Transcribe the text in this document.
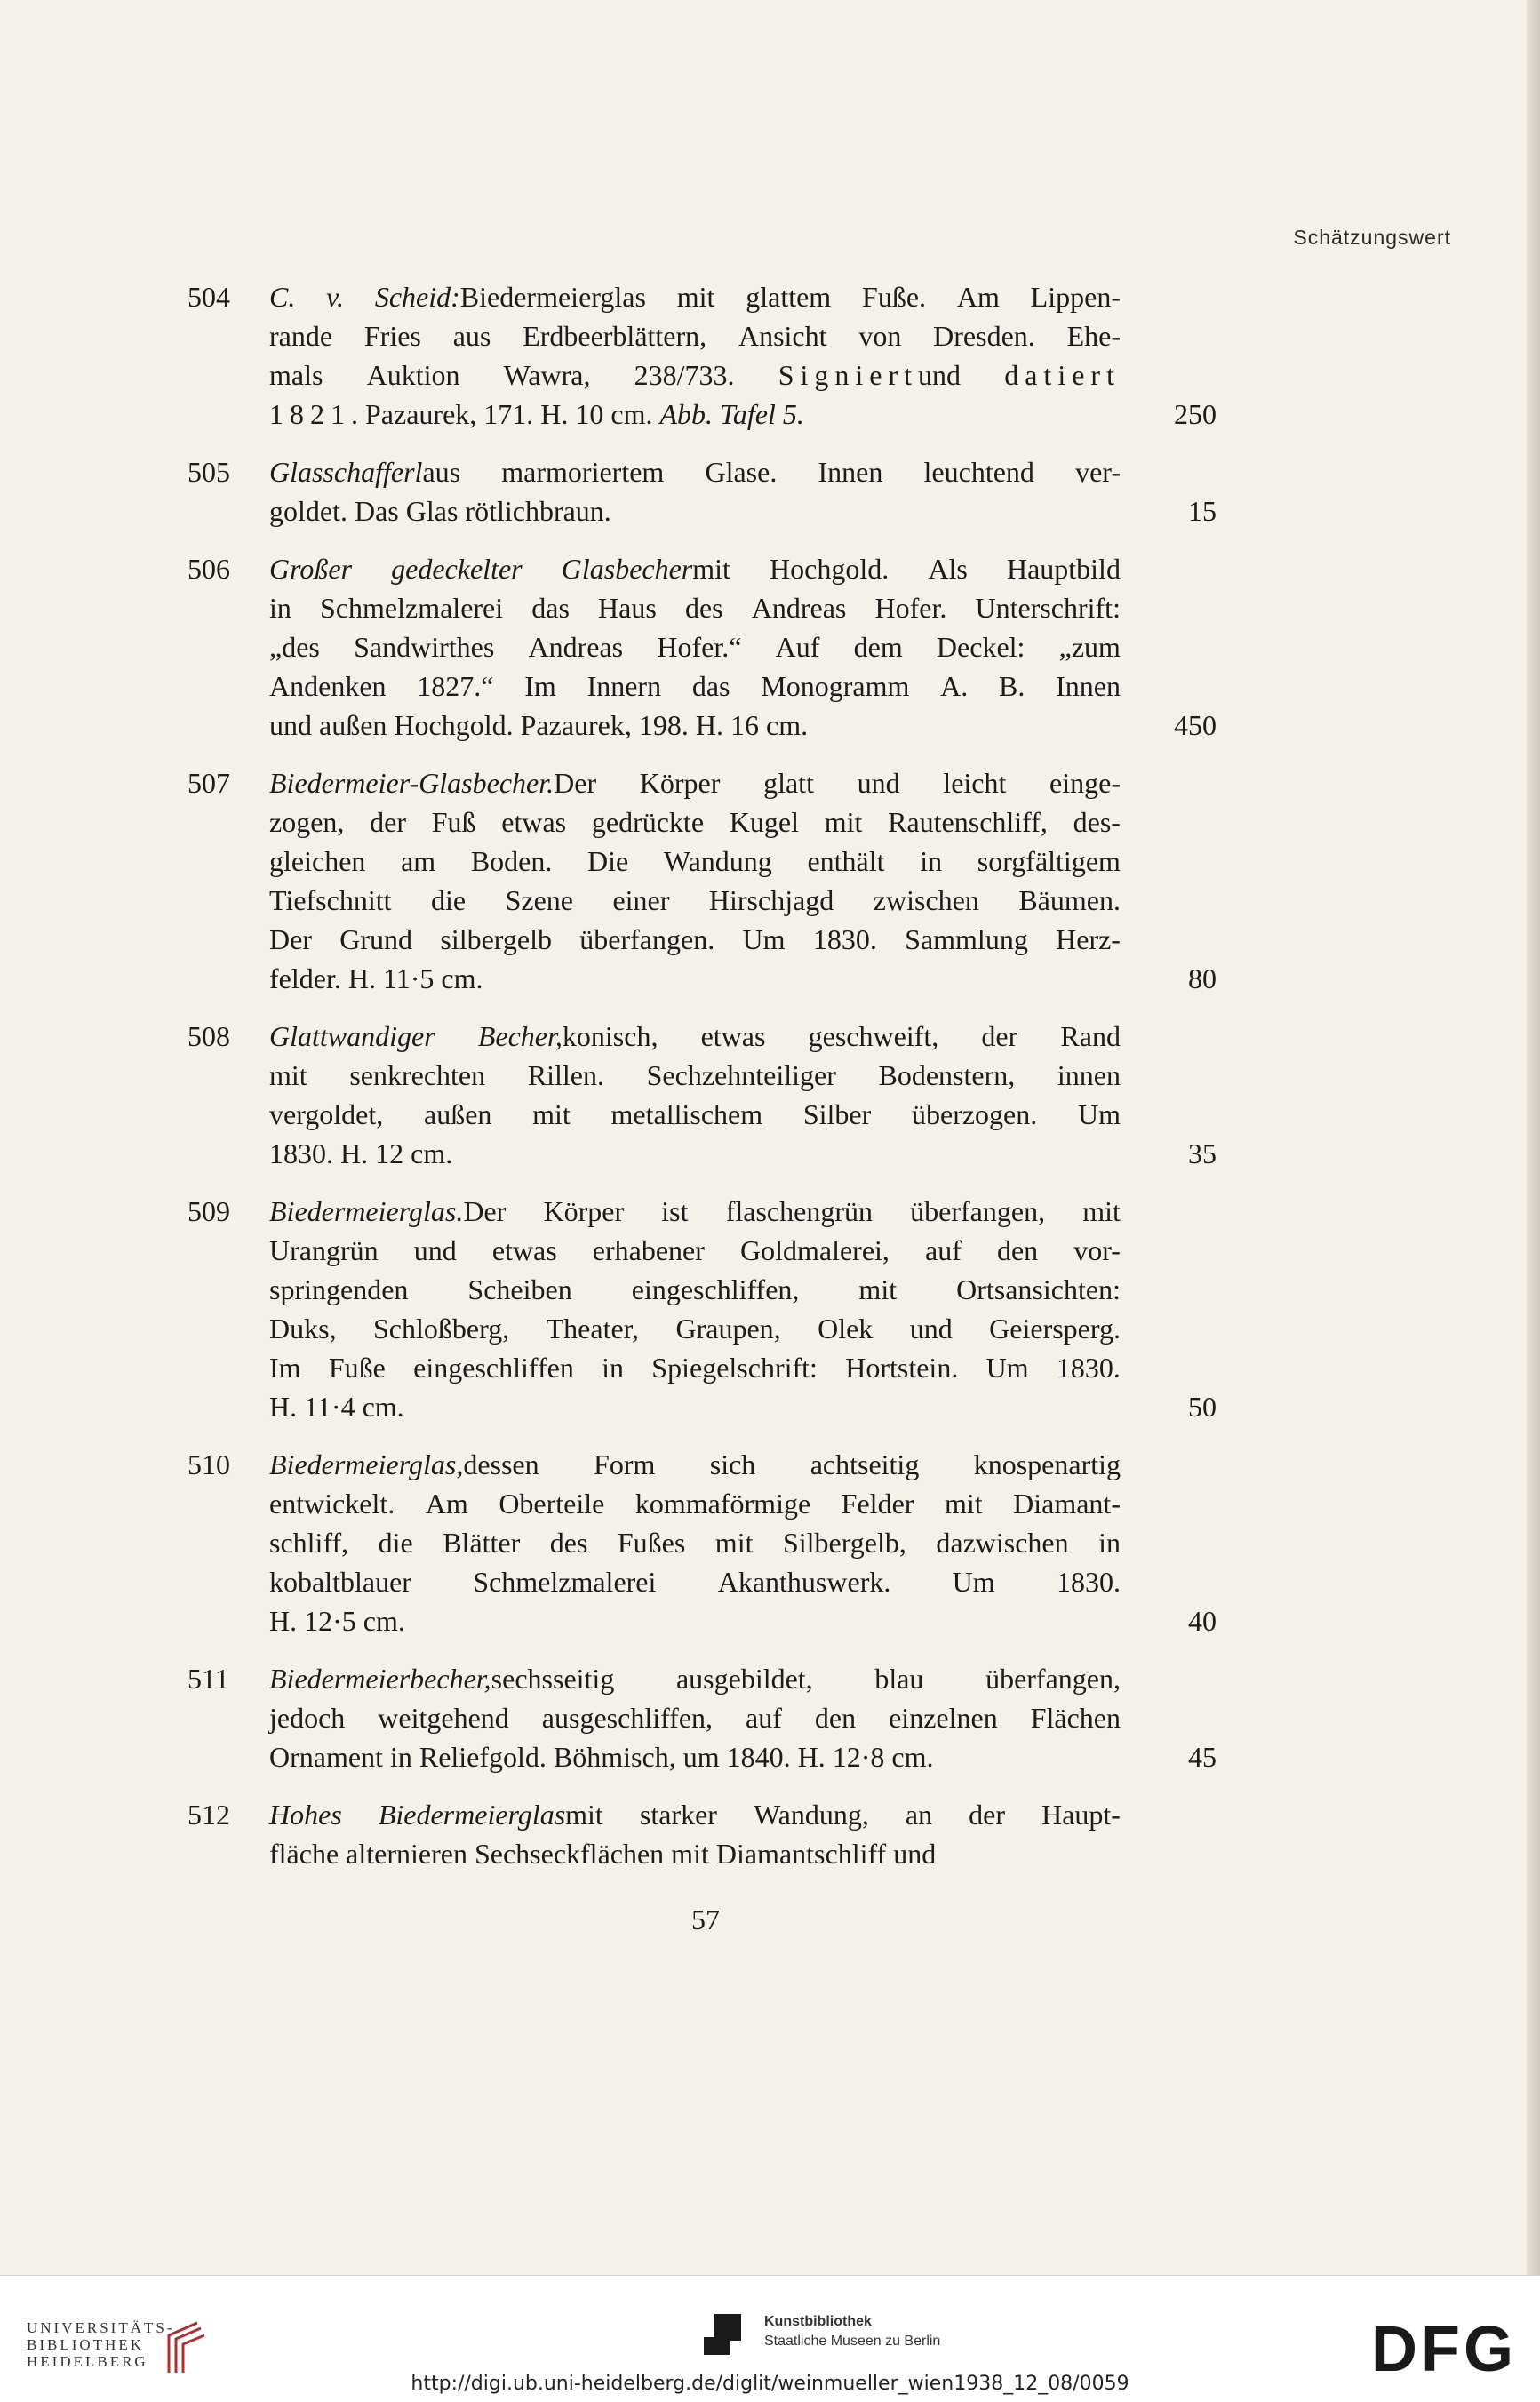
Schätzungswert
504 C. v. Scheid:Biedermeierglas mit glattem Fuße. Am Lippen-
rande Fries aus Erdbeerblättern, Ansicht von Dresden. Ehe-
mals Auktion Wawra, 238/733. Signiertund datiert
1821. Pazaurek, 171. H. 10 cm. Abb. Tafel 5.	250
505 Glasschafferlaus marmoriertem Glase. Innen leuchtend ver-
goldet. Das Glas rötlichbraun.	15
506 Großer gedeckelter Glasbechermit Hochgold. Als Hauptbild
in Schmelzmalerei das Haus des Andreas Hofer. Unterschrift:
„des Sandwirthes Andreas Hofer.“ Auf dem Deckel: „zum
Andenken 1827.“ Im Innern das Monogramm A. B. Innen
und außen Hochgold. Pazaurek, 198. H. 16 cm.	450
507 Biedermeier-Glasbecher.Der Körper glatt und leicht einge-
zogen, der Fuß etwas gedrückte Kugel mit Rautenschliff, des-
gleichen am Boden. Die Wandung enthält in sorgfältigem
Tiefschnitt die Szene einer Hirschjagd zwischen Bäumen.
Der Grund silbergelb überfangen. Um 1830. Sammlung Herz-
felder. H. 11·5 cm.	80
508 Glattwandiger Becher,konisch, etwas geschweift, der Rand
mit senkrechten Rillen. Sechzehnteiliger Bodenstern, innen
vergoldet, außen mit metallischem Silber überzogen. Um
1830. H. 12 cm.	35
509 Biedermeierglas.Der Körper ist flaschengrün überfangen, mit
Urangrün und etwas erhabener Goldmalerei, auf den vor-
springenden Scheiben eingeschliffen, mit Ortsansichten:
Duks, Schloßberg, Theater, Graupen, Olek und Geiersperg.
Im Fuße eingeschliffen in Spiegelschrift: Hortstein. Um 1830.
H. 11·4 cm.	50
510 Biedermeierglas,dessen Form sich achtseitig knospenartig
entwickelt. Am Oberteile kommaförmige Felder mit Diamant-
schliff, die Blätter des Fußes mit Silbergelb, dazwischen in
kobaltblauer Schmelzmalerei Akanthuswerk. Um 1830.
H. 12·5 cm.	40
511 Biedermeierbecher,sechsseitig ausgebildet, blau überfangen,
jedoch weitgehend ausgeschliffen, auf den einzelnen Flächen
Ornament in Reliefgold. Böhmisch, um 1840. H. 12·8 cm.	45
512 Hohes Biedermeierglasmit starker Wandung, an der Haupt-
fläche alternieren Sechseckflächen mit Diamantschliff und
57
UNIVERSITÄTS-
BIBLIOTHEK
HEIDELBERG
Kunstbibliothek
Staatliche Museen zu Berlin	DFG
http://digi.ub.uni-heidelberg.de/diglit/weinmueller_wien1938_12_08/0059
